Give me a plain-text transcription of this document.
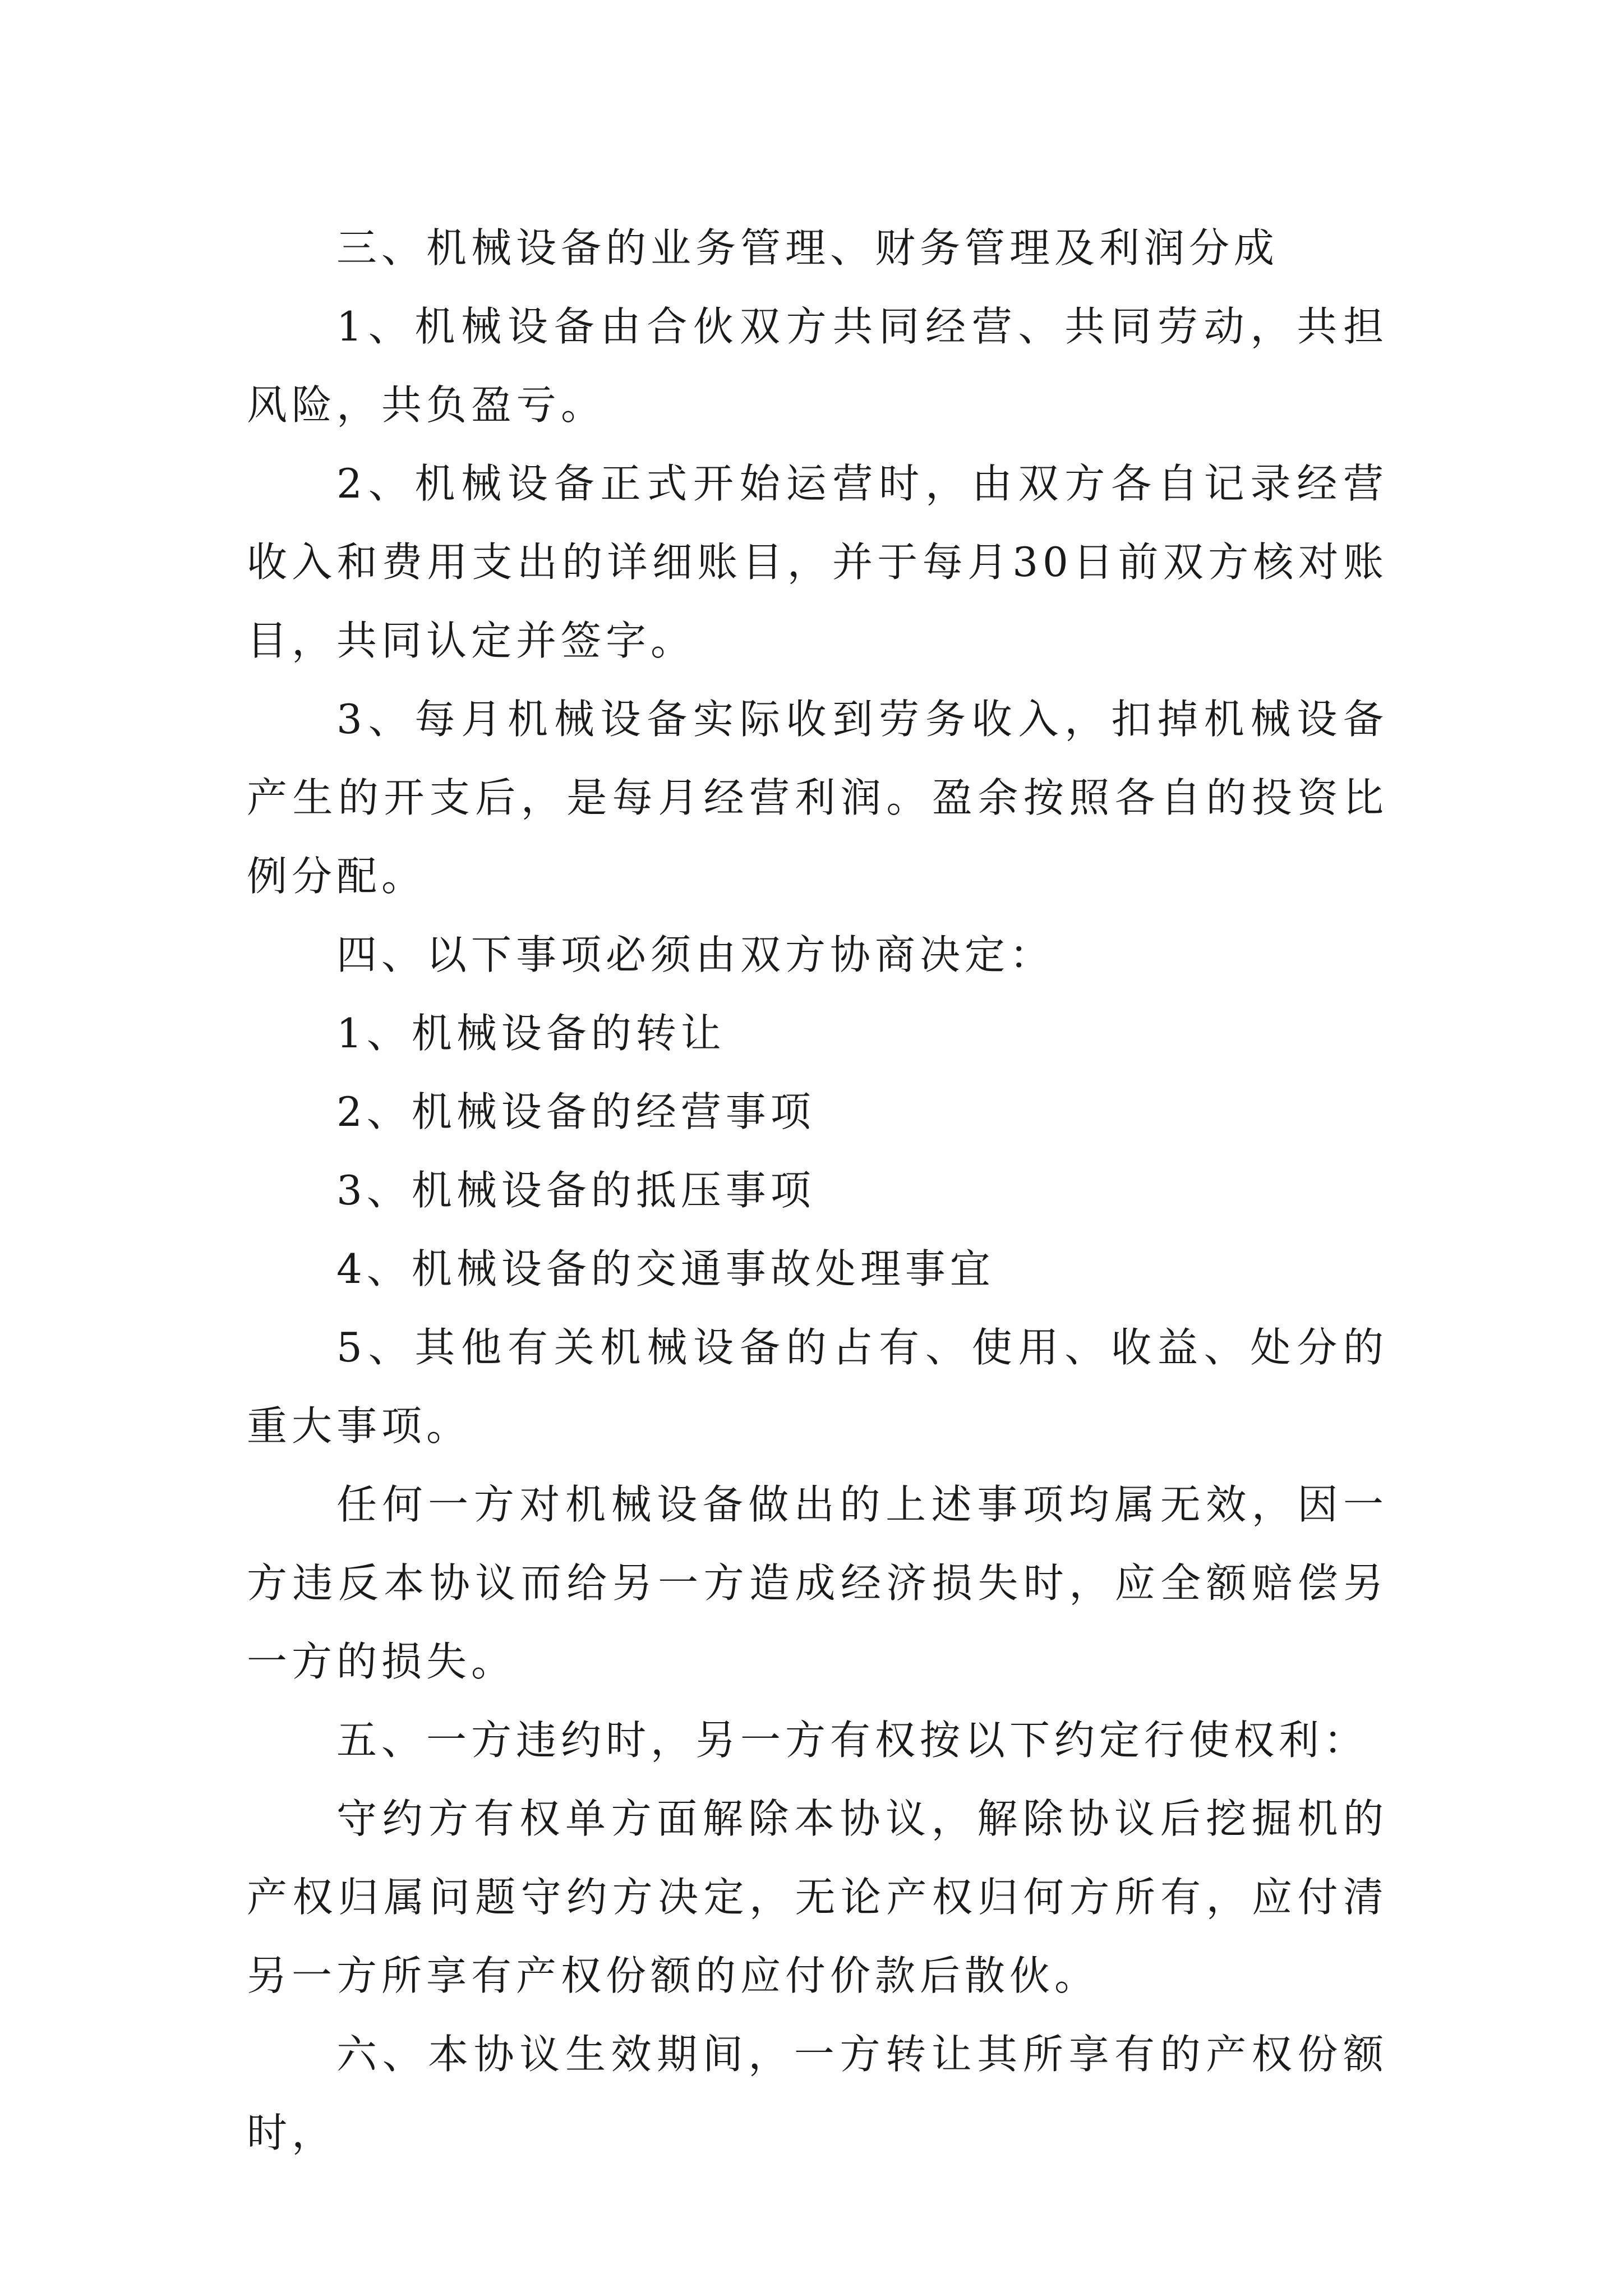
三、机械设备的业务管理、财务管理及利润分成

1、机械设备由合伙双方共同经营、共同劳动，共担风险，共负盈亏。

2、机械设备正式开始运营时，由双方各自记录经营收入和费用支出的详细账目，并于每月30日前双方核对账目，共同认定并签字。

3、每月机械设备实际收到劳务收入，扣掉机械设备产生的开支后，是每月经营利润。盈余按照各自的投资比例分配。

四、以下事项必须由双方协商决定：

1、机械设备的转让

2、机械设备的经营事项

3、机械设备的抵压事项

4、机械设备的交通事故处理事宜

5、其他有关机械设备的占有、使用、收益、处分的重大事项。

任何一方对机械设备做出的上述事项均属无效，因一方违反本协议而给另一方造成经济损失时，应全额赔偿另一方的损失。

五、一方违约时，另一方有权按以下约定行使权利：

守约方有权单方面解除本协议，解除协议后挖掘机的产权归属问题守约方决定，无论产权归何方所有，应付清另一方所享有产权份额的应付价款后散伙。

六、本协议生效期间，一方转让其所享有的产权份额时，
